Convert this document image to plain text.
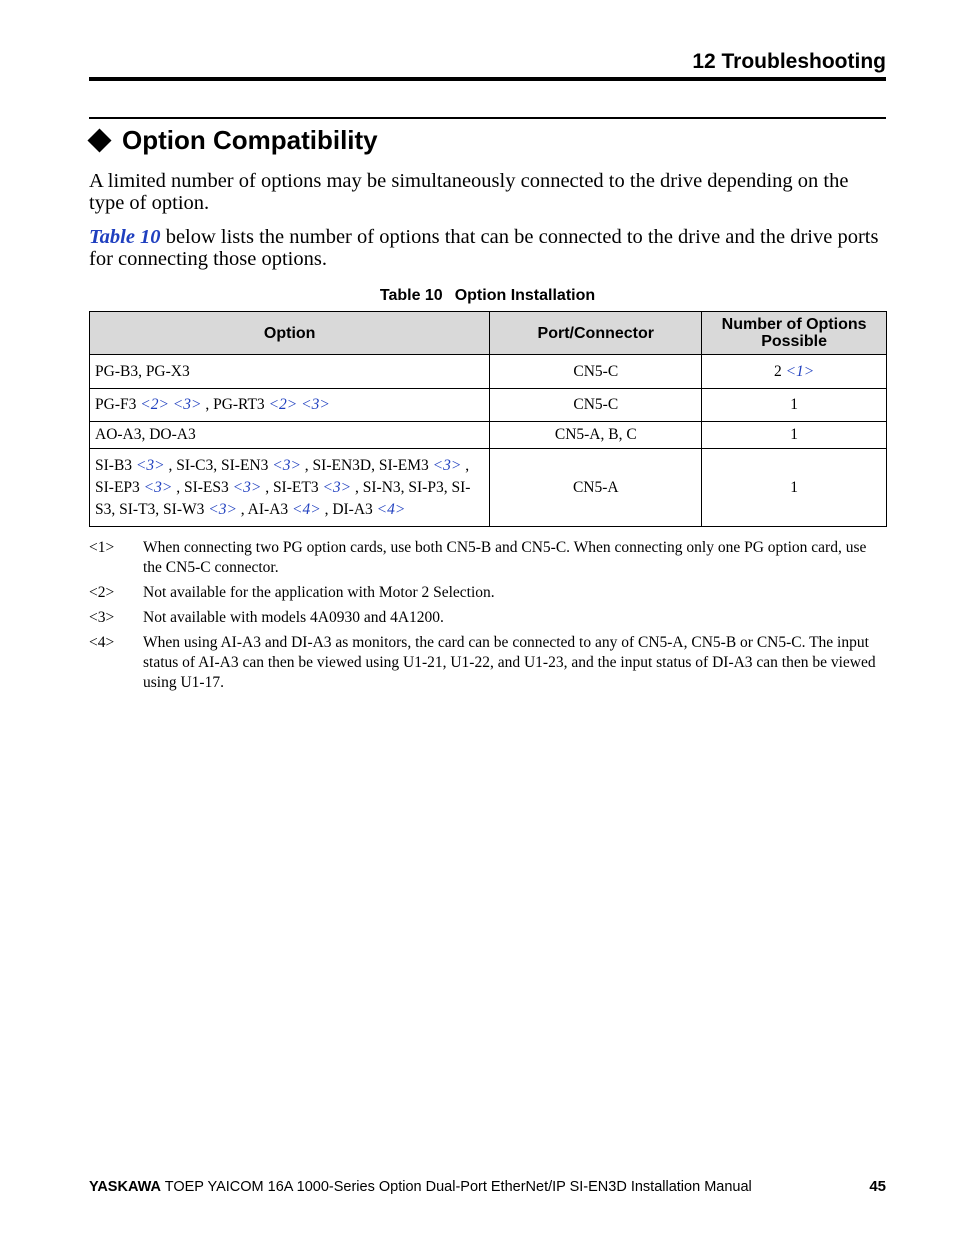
12 Troubleshooting
Option Compatibility

A limited number of options may be simultaneously connected to the drive depending on the type of option.

Table 10 below lists the number of options that can be connected to the drive and the drive ports for connecting those options.

Table 10 Option Installation
Option	Port/Connector	Number of Options Possible
PG-B3, PG-X3	CN5-C	2 <1>
PG-F3 <2> <3> , PG-RT3 <2> <3>	CN5-C	1
AO-A3, DO-A3	CN5-A, B, C	1
SI-B3 <3> , SI-C3, SI-EN3 <3> , SI-EN3D, SI-EM3 <3> , SI-EP3 <3> , SI-ES3 <3> , SI-ET3 <3> , SI-N3, SI-P3, SI-S3, SI-T3, SI-W3 <3> , AI-A3 <4> , DI-A3 <4>	CN5-A	1
<1>	When connecting two PG option cards, use both CN5-B and CN5-C. When connecting only one PG option card, use the CN5-C connector.
<2>	Not available for the application with Motor 2 Selection.
<3>	Not available with models 4A0930 and 4A1200.
<4>	When using AI-A3 and DI-A3 as monitors, the card can be connected to any of CN5-A, CN5-B or CN5-C. The input status of AI-A3 can then be viewed using U1-21, U1-22, and U1-23, and the input status of DI-A3 can then be viewed using U1-17.
YASKAWA TOEP YAICOM 16A 1000-Series Option Dual-Port EtherNet/IP SI-EN3D Installation Manual	45
